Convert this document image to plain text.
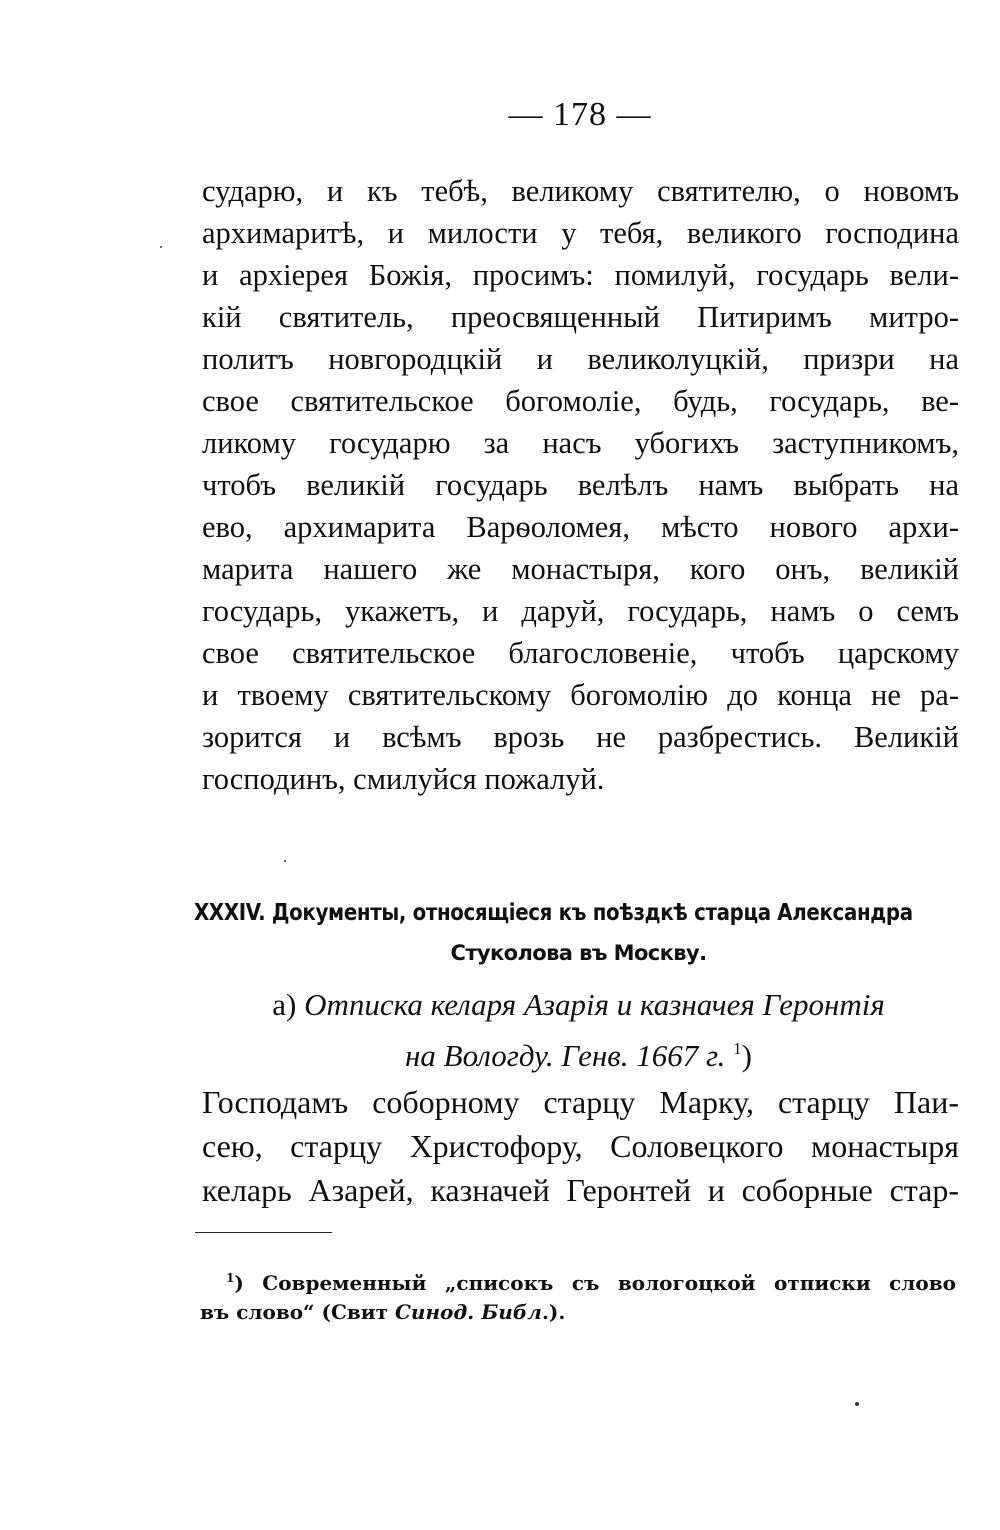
— 178 —
сударю, и къ тебѣ, великому святителю, о новомъ
архимаритѣ, и милости у тебя, великого господина
и архіерея Божія, просимъ: помилуй, государь вели-
кій святитель, преосвященный Питиримъ митро-
политъ новгородцкій и великолуцкій, призри на
свое святительское богомоліе, будь, государь, ве-
ликому государю за насъ убогихъ заступникомъ,
чтобъ великій государь велѣлъ намъ выбрать на
ево, архимарита Варѳоломея, мѣсто нового архи-
марита нашего же монастыря, кого онъ, великій
государь, укажетъ, и даруй, государь, намъ о семъ
свое святительское благословеніе, чтобъ царскому
и твоему святительскому богомолію до конца не ра-
зорится и всѣмъ врозь не разбрестись. Великій
господинъ, смилуйся пожалуй.
XXXIV. Документы, относящіеся къ поѣздкѣ старца Александра
Стуколова въ Москву.
а) Отписка келаря Азарія и казначея Геронтія
на Вологду. Генв. 1667 г. $^1$)
Господамъ соборному старцу Марку, старцу Паи-
сею, старцу Христофору, Соловецкого монастыря
келарь Азарей, казначей Геронтей и соборные стар-
$^1$) Современный „списокъ съ вологоцкой отписки слово
въ слово“ (Свит Синод. Библ.).
